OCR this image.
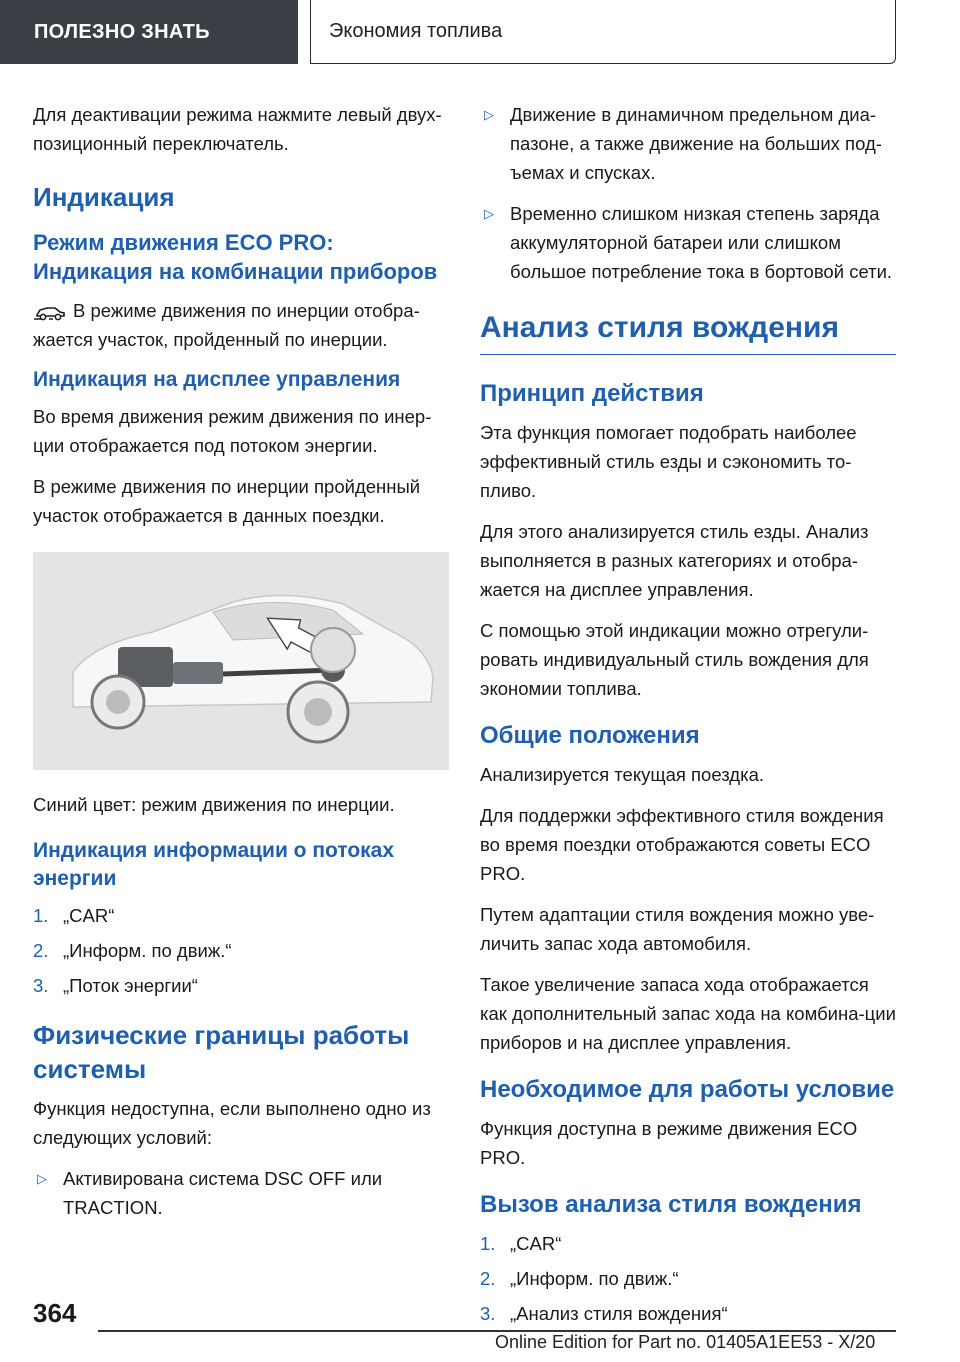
ПОЛЕЗНО ЗНАТЬ	Экономия топлива

Для деактивации режима нажмите левый двух-позиционный переключатель.

Индикация
Режим движения ECO PRO: Индикация на комбинации приборов

В режиме движения по инерции отобра-жается участок, пройденный по инерции.

Индикация на дисплее управления

Во время движения режим движения по инер-ции отображается под потоком энергии.

В режиме движения по инерции пройденный участок отображается в данных поездки.

Синий цвет: режим движения по инерции.

Индикация информации о потоках энергии
1. „CAR“
2. „Информ. по движ.“
3. „Поток энергии“
Физические границы работы системы

Функция недоступна, если выполнено одно из следующих условий:

▷ Активирована система DSC OFF или TRACTION.
▷ Движение в динамичном предельном диа-пазоне, а также движение на больших под-ъемах и спусках.
▷ Временно слишком низкая степень заряда аккумуляторной батареи или слишком большое потребление тока в бортовой сети.
Анализ стиля вождения
Принцип действия

Эта функция помогает подобрать наиболее эффективный стиль езды и сэкономить то-пливо.

Для этого анализируется стиль езды. Анализ выполняется в разных категориях и отобра-жается на дисплее управления.

С помощью этой индикации можно отрегули-ровать индивидуальный стиль вождения для экономии топлива.

Общие положения

Анализируется текущая поездка.

Для поддержки эффективного стиля вождения во время поездки отображаются советы ECO PRO.

Путем адаптации стиля вождения можно уве-личить запас хода автомобиля.

Такое увеличение запаса хода отображается как дополнительный запас хода на комбина-ции приборов и на дисплее управления.

Необходимое для работы условие

Функция доступна в режиме движения ECO PRO.

Вызов анализа стиля вождения
1. „CAR“
2. „Информ. по движ.“
3. „Анализ стиля вождения“
364
Online Edition for Part no. 01405A1EE53 - X/20
